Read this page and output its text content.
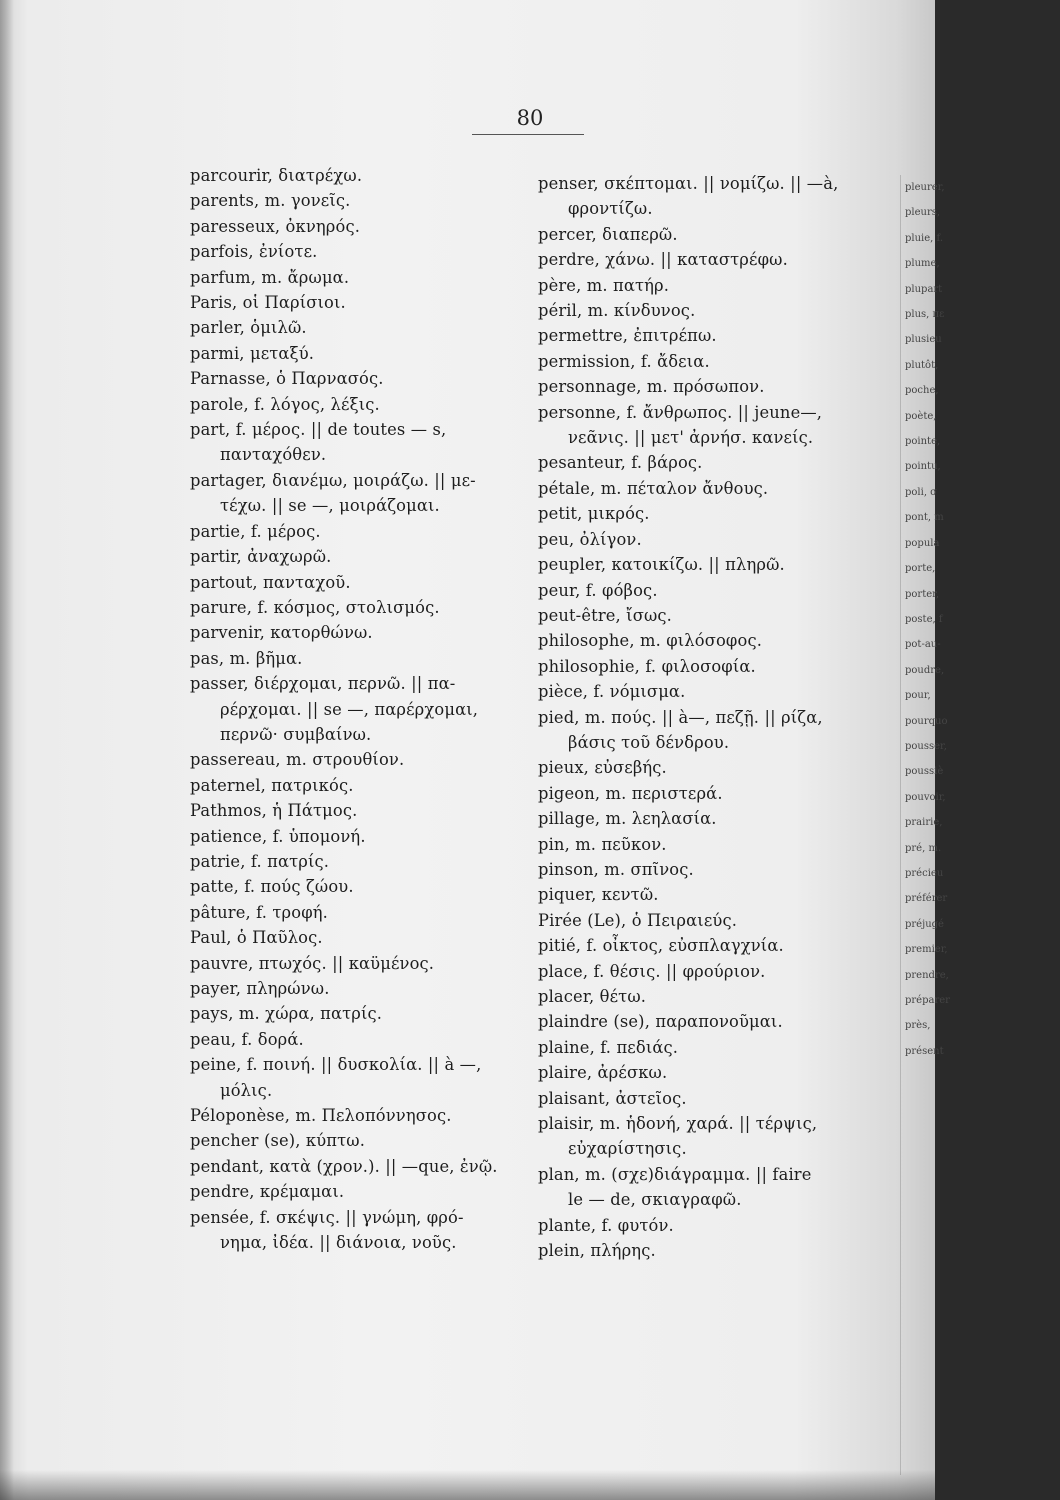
80
parcourir, διατρέχω.
parents, m. γονεῖς.
paresseux, ὀκνηρός.
parfois, ἐνίοτε.
parfum, m. ἄρωμα.
Paris, οἱ Παρίσιοι.
parler, ὁμιλῶ.
parmi, μεταξύ.
Parnasse, ὁ Παρνασός.
parole, f. λόγος, λέξις.
part, f. μέρος. || de toutes — s,
πανταχόθεν.
partager, διανέμω, μοιράζω. || με-
τέχω. || se —, μοιράζομαι.
partie, f. μέρος.
partir, ἀναχωρῶ.
partout, πανταχοῦ.
parure, f. κόσμος, στολισμός.
parvenir, κατορθώνω.
pas, m. βῆμα.
passer, διέρχομαι, περνῶ. || πα-
ρέρχομαι. || se —, παρέρχομαι,
περνῶ· συμβαίνω.
passereau, m. στρουθίον.
paternel, πατρικός.
Pathmos, ἡ Πάτμος.
patience, f. ὑπομονή.
patrie, f. πατρίς.
patte, f. πούς ζώου.
pâture, f. τροφή.
Paul, ὁ Παῦλος.
pauvre, πτωχός. || καϋμένος.
payer, πληρώνω.
pays, m. χώρα, πατρίς.
peau, f. δορά.
peine, f. ποινή. || δυσκολία. || à —,
μόλις.
Péloponèse, m. Πελοπόννησος.
pencher (se), κύπτω.
pendant, κατὰ (χρον.). || —que, ἐνῷ.
pendre, κρέμαμαι.
pensée, f. σκέψις. || γνώμη, φρό-
νημα, ἰδέα. || διάνοια, νοῦς.
penser, σκέπτομαι. || νομίζω. || —à,
φροντίζω.
percer, διαπερῶ.
perdre, χάνω. || καταστρέφω.
père, m. πατήρ.
péril, m. κίνδυνος.
permettre, ἐπιτρέπω.
permission, f. ἄδεια.
personnage, m. πρόσωπον.
personne, f. ἄνθρωπος. || jeune—,
νεᾶνις. || μετ' ἀρνήσ. κανείς.
pesanteur, f. βάρος.
pétale, m. πέταλον ἄνθους.
petit, μικρός.
peu, ὀλίγον.
peupler, κατοικίζω. || πληρῶ.
peur, f. φόβος.
peut-être, ἴσως.
philosophe, m. φιλόσοφος.
philosophie, f. φιλοσοφία.
pièce, f. νόμισμα.
pied, m. πούς. || à—, πεζῇ. || ρίζα,
βάσις τοῦ δένδρου.
pieux, εὐσεβής.
pigeon, m. περιστερά.
pillage, m. λεηλασία.
pin, m. πεῦκον.
pinson, m. σπῖνος.
piquer, κεντῶ.
Pirée (Le), ὁ Πειραιεύς.
pitié, f. οἶκτος, εὐσπλαγχνία.
place, f. θέσις. || φρούριον.
placer, θέτω.
plaindre (se), παραπονοῦμαι.
plaine, f. πεδιάς.
plaire, ἀρέσκω.
plaisant, ἀστεῖος.
plaisir, m. ἡδονή, χαρά. || τέρψις,
εὐχαρίστησις.
plan, m. (σχε)διάγραμμα. || faire
le — de, σκιαγραφῶ.
plante, f. φυτόν.
plein, πλήρης.
pleurer,
pleurs,
pluie, f.
plume,
plupart
plus, πε
plusieu
plutôt,
poche,
poète,
pointe,
pointu,
poli, σ
pont, m
popula
porte,
porter,
poste, f
pot-au-
poudre,
pour,
pourquo
pousser,
poussiè
pouvoir,
prairie,
pré, m.
précieu
préférer
préjugé
premier,
prendre,
préparer
près,
présent
